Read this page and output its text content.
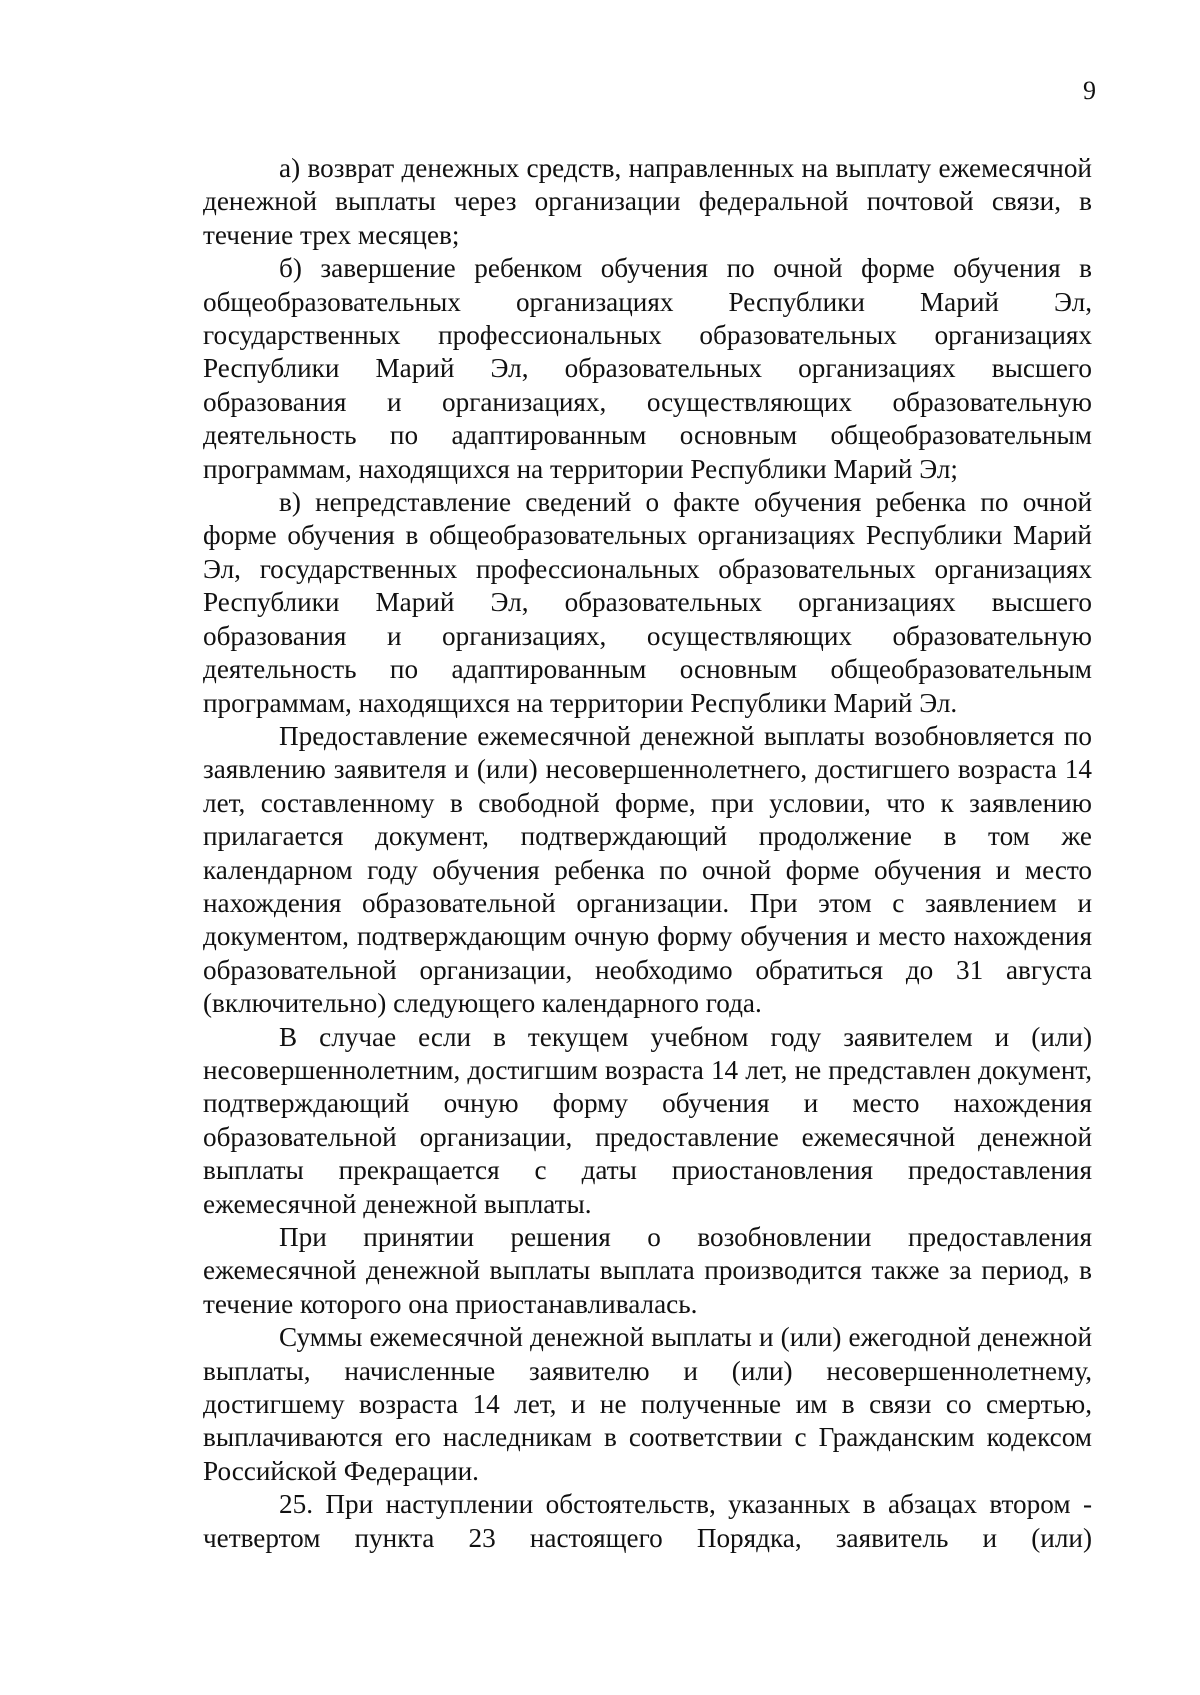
9

а) возврат денежных средств, направленных на выплату ежемесячной денежной выплаты через организации федеральной почтовой связи, в течение трех месяцев;

б) завершение ребенком обучения по очной форме обучения в общеобразовательных организациях Республики Марий Эл, государственных профессиональных образовательных организациях Республики Марий Эл, образовательных организациях высшего образования и организациях, осуществляющих образовательную деятельность по адаптированным основным общеобразовательным программам, находящихся на территории Республики Марий Эл;

в) непредставление сведений о факте обучения ребенка по очной форме обучения в общеобразовательных организациях Республики Марий Эл, государственных профессиональных образовательных организациях Республики Марий Эл, образовательных организациях высшего образования и организациях, осуществляющих образовательную деятельность по адаптированным основным общеобразовательным программам, находящихся на территории Республики Марий Эл.

Предоставление ежемесячной денежной выплаты возобновляется по заявлению заявителя и (или) несовершеннолетнего, достигшего возраста 14 лет, составленному в свободной форме, при условии, что к заявлению прилагается документ, подтверждающий продолжение в том же календарном году обучения ребенка по очной форме обучения и место нахождения образовательной организации. При этом с заявлением и документом, подтверждающим очную форму обучения и место нахождения образовательной организации, необходимо обратиться до 31 августа (включительно) следующего календарного года.

В случае если в текущем учебном году заявителем и (или) несовершеннолетним, достигшим возраста 14 лет, не представлен документ, подтверждающий очную форму обучения и место нахождения образовательной организации, предоставление ежемесячной денежной выплаты прекращается с даты приостановления предоставления ежемесячной денежной выплаты.

При принятии решения о возобновлении предоставления ежемесячной денежной выплаты выплата производится также за период, в течение которого она приостанавливалась.

Суммы ежемесячной денежной выплаты и (или) ежегодной денежной выплаты, начисленные заявителю и (или) несовершеннолетнему, достигшему возраста 14 лет, и не полученные им в связи со смертью, выплачиваются его наследникам в соответствии с Гражданским кодексом Российской Федерации.

25. При наступлении обстоятельств, указанных в абзацах втором - четвертом пункта 23 настоящего Порядка, заявитель и (или)
